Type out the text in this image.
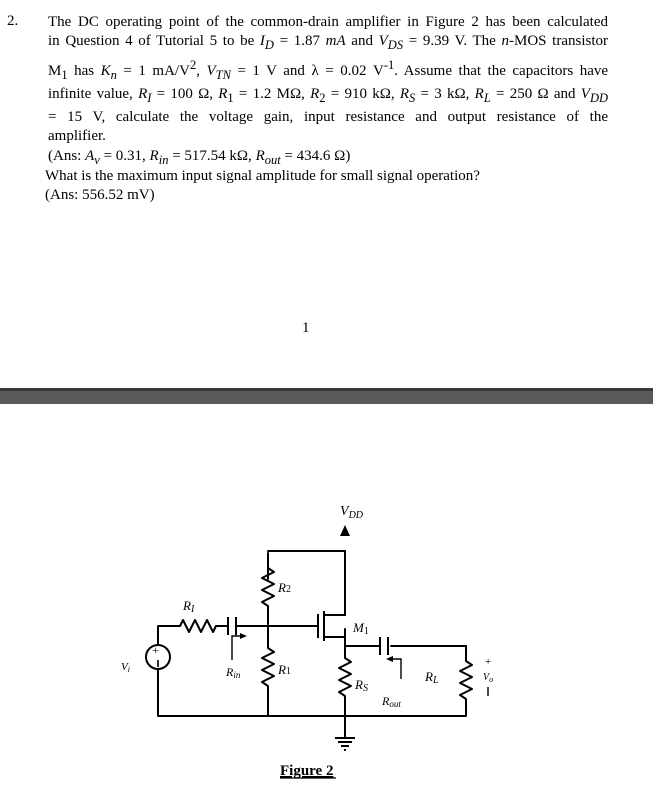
2. The DC operating point of the common-drain amplifier in Figure 2 has been calculated

in Question 4 of Tutorial 5 to be $I_D = 1.87$ mA and $V_{DS} = 9.39$ V. The n-MOS transistor

$M_1$ has $K_n = 1$ $mA/V^2$, $V_{TN} = 1$ V and λ = 0.02 $V^{-1}$. Assume that the capacitors have

infinite value, $R_I = 100$ Ω, $R_1 = 1.2$ MΩ, $R_2 = 910$ kΩ, $R_S = 3$ kΩ, $R_L = 250$ Ω and $V_{DD}$

= 15 V, calculate the voltage gain, input resistance and output resistance of the

amplifier.

(Ans: $A_v = 0.31$, $R_{in} = 517.54$ kΩ, $R_{out} = 434.6$ Ω)

What is the maximum input signal amplitude for small signal operation?

(Ans: 556.52 mV)

1
+
$V_{DD}$
R2
RI
M1
Vi	Rin	R1
RS
Rout
RL
+
$V_o$
Figure 2
